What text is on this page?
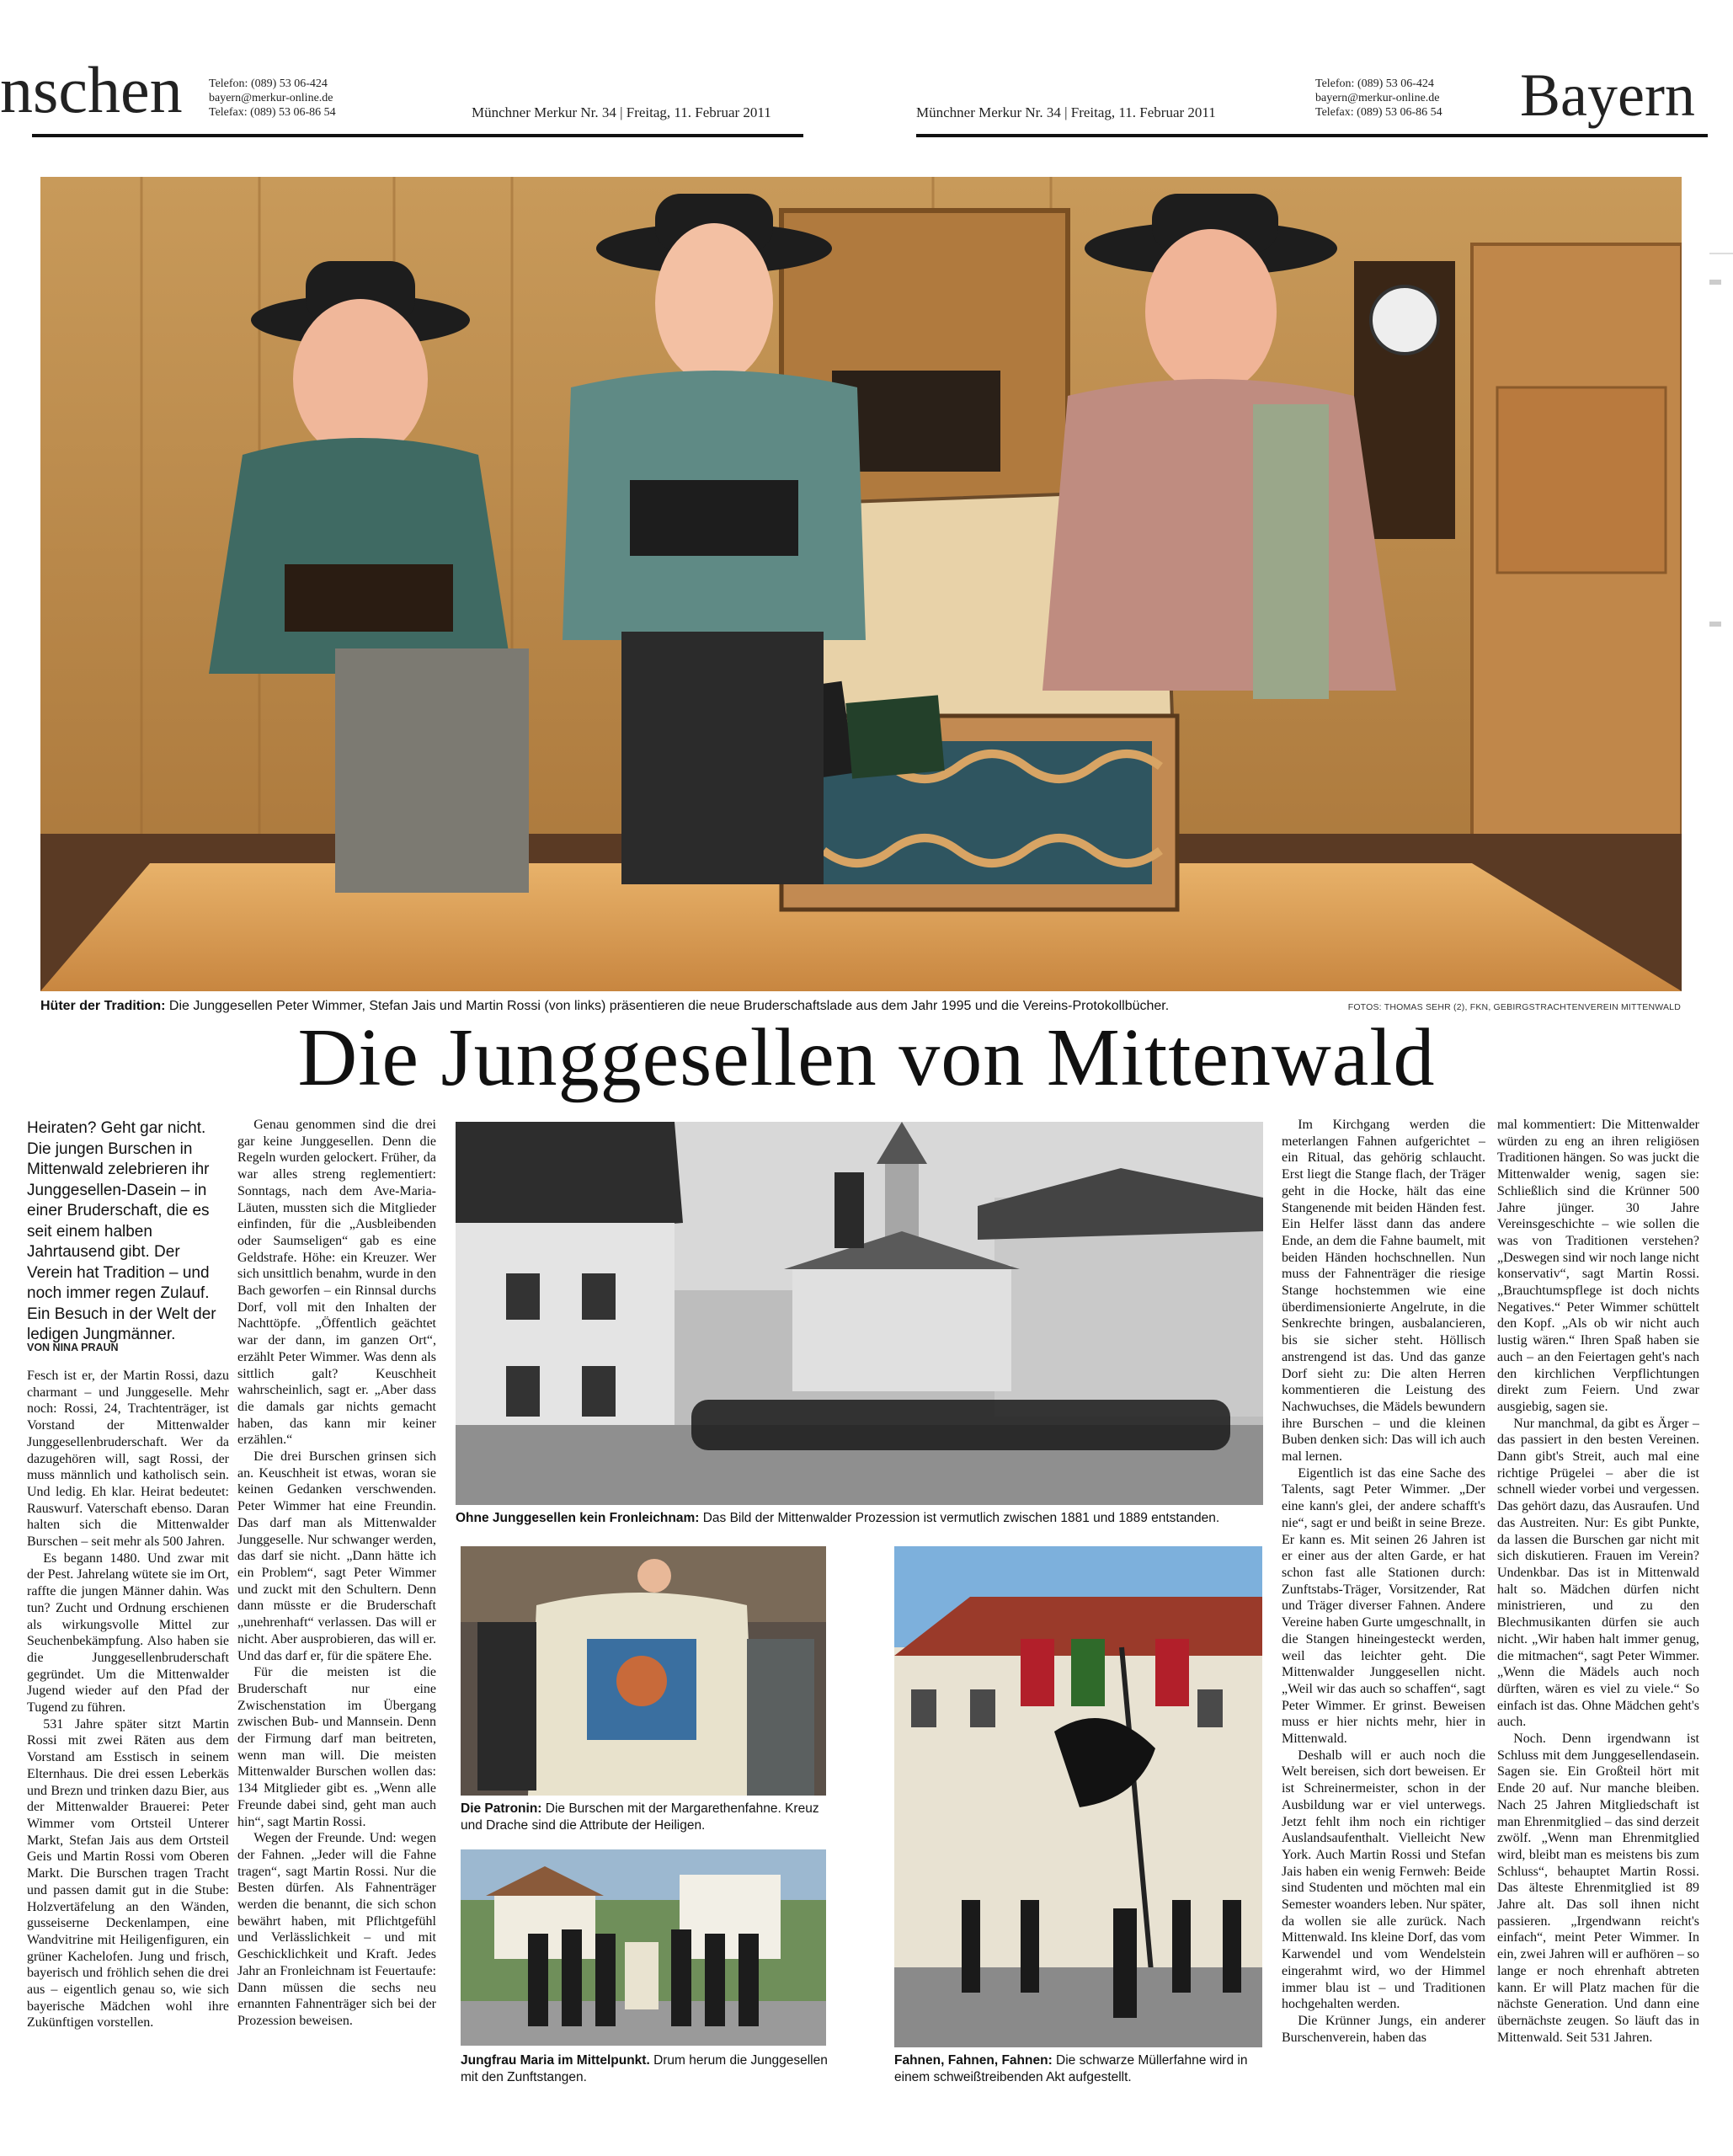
nschen Telefon: (089) 53 06-424
bayern@merkur-online.de
Telefax: (089) 53 06-86 54	Münchner Merkur Nr. 34 | Freitag, 11. Februar 2011	Münchner Merkur Nr. 34 | Freitag, 11. Februar 2011
Telefon: (089) 53 06-424
bayern@merkur-online.de
Telefax: (089) 53 06-86 54 Bayern
Hüter der Tradition: Die Junggesellen Peter Wimmer, Stefan Jais und Martin Rossi (von links) präsentieren die neue Bruderschaftslade aus dem Jahr 1995 und die Vereins-Protokollbücher.	FOTOS: THOMAS SEHR (2), FKN, GEBIRGSTRACHTENVEREIN MITTENWALD
Die Junggesellen von Mittenwald
Heiraten? Geht gar nicht. Die jungen Burschen in Mittenwald zelebrieren ihr Junggesellen-Dasein – in einer Bruderschaft, die es seit einem halben Jahrtausend gibt. Der Verein hat Tradition – und noch immer regen Zulauf. Ein Besuch in der Welt der ledigen Jungmänner.
VON NINA PRAUN

Fesch ist er, der Martin Rossi, dazu charmant – und Junggeselle. Mehr noch: Rossi, 24, Trachtenträger, ist Vorstand der Mittenwalder Junggesellenbruderschaft. Wer da dazugehören will, sagt Rossi, der muss männlich und katholisch sein. Und ledig. Eh klar. Heirat bedeutet: Rauswurf. Vaterschaft ebenso. Daran halten sich die Mittenwalder Burschen – seit mehr als 500 Jahren.

Es begann 1480. Und zwar mit der Pest. Jahrelang wütete sie im Ort, raffte die jungen Männer dahin. Was tun? Zucht und Ordnung erschienen als wirkungsvolle Mittel zur Seuchenbekämpfung. Also haben sie die Junggesellenbruderschaft gegründet. Um die Mittenwalder Jugend wieder auf den Pfad der Tugend zu führen.

531 Jahre später sitzt Martin Rossi mit zwei Räten aus dem Vorstand am Esstisch in seinem Elternhaus. Die drei essen Leberkäs und Brezn und trinken dazu Bier, aus der Mittenwalder Brauerei: Peter Wimmer vom Ortsteil Unterer Markt, Stefan Jais aus dem Ortsteil Geis und Martin Rossi vom Oberen Markt. Die Burschen tragen Tracht und passen damit gut in die Stube: Holzvertäfelung an den Wänden, gusseiserne Deckenlampen, eine Wandvitrine mit Heiligenfiguren, ein grüner Kachelofen. Jung und frisch, bayerisch und fröhlich sehen die drei aus – eigentlich genau so, wie sich bayerische Mädchen wohl ihre Zukünftigen vorstellen.

Genau genommen sind die drei gar keine Junggesellen. Denn die Regeln wurden gelockert. Früher, da war alles streng reglementiert: Sonntags, nach dem Ave-Maria-Läuten, mussten sich die Mitglieder einfinden, für die „Ausbleibenden oder Saumseligen“ gab es eine Geldstrafe. Höhe: ein Kreuzer. Wer sich unsittlich benahm, wurde in den Bach geworfen – ein Rinnsal durchs Dorf, voll mit den Inhalten der Nachttöpfe. „Öffentlich geächtet war der dann, im ganzen Ort“, erzählt Peter Wimmer. Was denn als sittlich galt? Keuschheit wahrscheinlich, sagt er. „Aber dass die damals gar nichts gemacht haben, das kann mir keiner erzählen.“

Die drei Burschen grinsen sich an. Keuschheit ist etwas, woran sie keinen Gedanken verschwenden. Peter Wimmer hat eine Freundin. Das darf man als Mittenwalder Junggeselle. Nur schwanger werden, das darf sie nicht. „Dann hätte ich ein Problem“, sagt Peter Wimmer und zuckt mit den Schultern. Denn dann müsste er die Bruderschaft „unehrenhaft“ verlassen. Das will er nicht. Aber ausprobieren, das will er. Und das darf er, für die spätere Ehe.

Für die meisten ist die Bruderschaft nur eine Zwischenstation im Übergang zwischen Bub- und Mannsein. Denn der Firmung darf man beitreten, wenn man will. Die meisten Mittenwalder Burschen wollen das: 134 Mitglieder gibt es. „Wenn alle Freunde dabei sind, geht man auch hin“, sagt Martin Rossi.

Wegen der Freunde. Und: wegen der Fahnen. „Jeder will die Fahne tragen“, sagt Martin Rossi. Nur die Besten dürfen. Als Fahnenträger werden die benannt, die sich schon bewährt haben, mit Pflichtgefühl und Verlässlichkeit – und mit Geschicklichkeit und Kraft. Jedes Jahr an Fronleichnam ist Feuertaufe: Dann müssen die sechs neu ernannten Fahnenträger sich bei der Prozession beweisen.

Ohne Junggesellen kein Fronleichnam: Das Bild der Mittenwalder Prozession ist vermutlich zwischen 1881 und 1889 entstanden.
Die Patronin: Die Burschen mit der Margarethenfahne. Kreuz und Drache sind die Attribute der Heiligen.
Jungfrau Maria im Mittelpunkt. Drum herum die Junggesellen mit den Zunftstangen.
Fahnen, Fahnen, Fahnen: Die schwarze Müllerfahne wird in einem schweißtreibenden Akt aufgestellt.

Im Kirchgang werden die meterlangen Fahnen aufgerichtet – ein Ritual, das gehörig schlaucht. Erst liegt die Stange flach, der Träger geht in die Hocke, hält das eine Stangenende mit beiden Händen fest. Ein Helfer lässt dann das andere Ende, an dem die Fahne baumelt, mit beiden Händen hochschnellen. Nun muss der Fahnenträger die riesige Stange hochstemmen wie eine überdimensionierte Angelrute, in die Senkrechte bringen, ausbalancieren, bis sie sicher steht. Höllisch anstrengend ist das. Und das ganze Dorf sieht zu: Die alten Herren kommentieren die Leistung des Nachwuchses, die Mädels bewundern ihre Burschen – und die kleinen Buben denken sich: Das will ich auch mal lernen.

Eigentlich ist das eine Sache des Talents, sagt Peter Wimmer. „Der eine kann's glei, der andere schafft's nie“, sagt er und beißt in seine Breze. Er kann es. Mit seinen 26 Jahren ist er einer aus der alten Garde, er hat schon fast alle Stationen durch: Zunftstabs-Träger, Vorsitzender, Rat und Träger diverser Fahnen. Andere Vereine haben Gurte umgeschnallt, in die Stangen hineingesteckt werden, weil das leichter geht. Die Mittenwalder Junggesellen nicht. „Weil wir das auch so schaffen“, sagt Peter Wimmer. Er grinst. Beweisen muss er hier nichts mehr, hier in Mittenwald.

Deshalb will er auch noch die Welt bereisen, sich dort beweisen. Er ist Schreinermeister, schon in der Ausbildung war er viel unterwegs. Jetzt fehlt ihm noch ein richtiger Auslandsaufenthalt. Vielleicht New York. Auch Martin Rossi und Stefan Jais haben ein wenig Fernweh: Beide sind Studenten und möchten mal ein Semester woanders leben. Nur später, da wollen sie alle zurück. Nach Mittenwald. Ins kleine Dorf, das vom Karwendel und vom Wendelstein eingerahmt wird, wo der Himmel immer blau ist – und Traditionen hochgehalten werden.

Die Krünner Jungs, ein anderer Burschenverein, haben das

mal kommentiert: Die Mittenwalder würden zu eng an ihren religiösen Traditionen hängen. So was juckt die Mittenwalder wenig, sagen sie: Schließlich sind die Krünner 500 Jahre jünger. 30 Jahre Vereinsgeschichte – wie sollen die was von Traditionen verstehen? „Deswegen sind wir noch lange nicht konservativ“, sagt Martin Rossi. „Brauchtumspflege ist doch nichts Negatives.“ Peter Wimmer schüttelt den Kopf. „Als ob wir nicht auch lustig wären.“ Ihren Spaß haben sie auch – an den Feiertagen geht's nach den kirchlichen Verpflichtungen direkt zum Feiern. Und zwar ausgiebig, sagen sie.

Nur manchmal, da gibt es Ärger – das passiert in den besten Vereinen. Dann gibt's Streit, auch mal eine richtige Prügelei – aber die ist schnell wieder vorbei und vergessen. Das gehört dazu, das Ausraufen. Und das Austreiten. Nur: Es gibt Punkte, da lassen die Burschen gar nicht mit sich diskutieren. Frauen im Verein? Undenkbar. Das ist in Mittenwald halt so. Mädchen dürfen nicht ministrieren, und zu den Blechmusikanten dürfen sie auch nicht. „Wir haben halt immer genug, die mitmachen“, sagt Peter Wimmer. „Wenn die Mädels auch noch dürften, wären es viel zu viele.“ So einfach ist das. Ohne Mädchen geht's auch.

Noch. Denn irgendwann ist Schluss mit dem Junggesellendasein. Sagen sie. Ein Großteil hört mit Ende 20 auf. Nur manche bleiben. Nach 25 Jahren Mitgliedschaft ist man Ehrenmitglied – das sind derzeit zwölf. „Wenn man Ehrenmitglied wird, bleibt man es meistens bis zum Schluss“, behauptet Martin Rossi. Das älteste Ehrenmitglied ist 89 Jahre alt. Das soll ihnen nicht passieren. „Irgendwann reicht's einfach“, meint Peter Wimmer. In ein, zwei Jahren will er aufhören – so lange er noch ehrenhaft abtreten kann. Er will Platz machen für die nächste Generation. Und dann eine übernächste zeugen. So läuft das in Mittenwald. Seit 531 Jahren.
